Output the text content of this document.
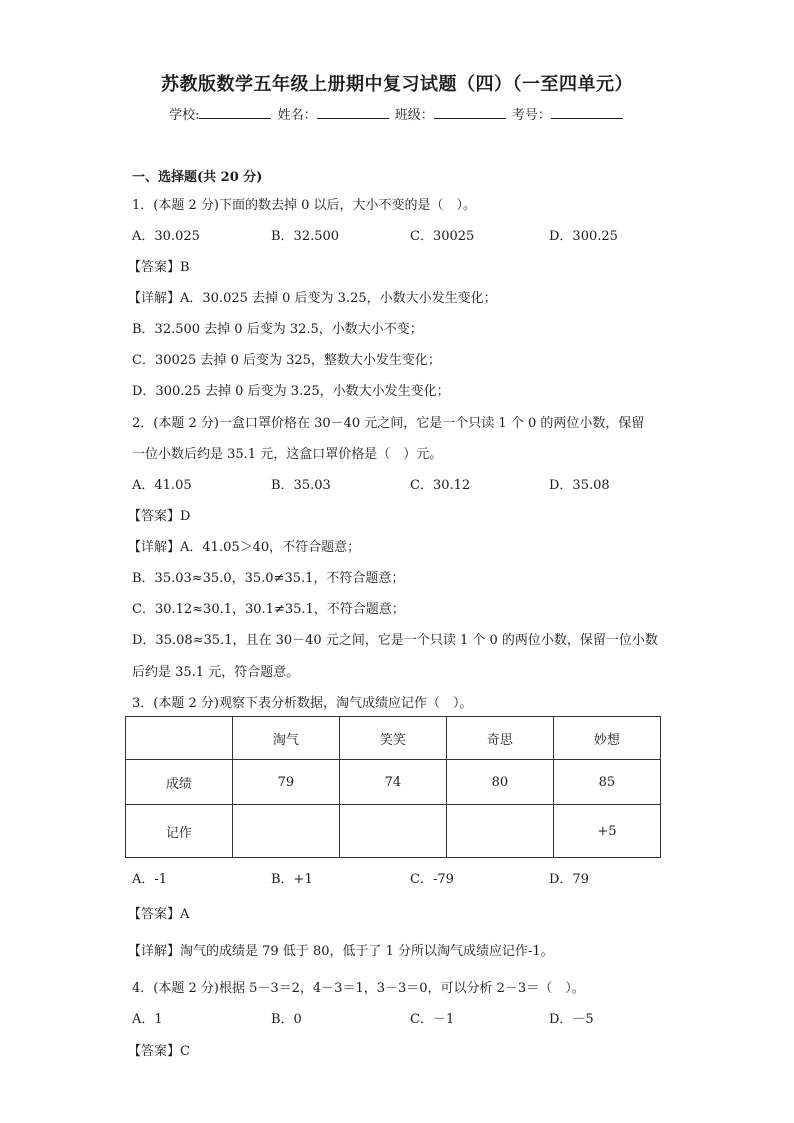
苏教版数学五年级上册期中复习试题（四）（一至四单元）
学校:	姓名：	班级：	考号：
一、选择题(共 20 分)
1．(本题 2 分)下面的数去掉 0 以后，大小不变的是（　）。
A．30.025	B．32.500	C．30025	D．300.25
【答案】B
【详解】A．30.025 去掉 0 后变为 3.25，小数大小发生变化；
B．32.500 去掉 0 后变为 32.5，小数大小不变；
C．30025 去掉 0 后变为 325，整数大小发生变化；
D．300.25 去掉 0 后变为 3.25，小数大小发生变化；
2．(本题 2 分)一盒口罩价格在 30－40 元之间，它是一个只读 1 个 0 的两位小数，保留
一位小数后约是 35.1 元，这盒口罩价格是（　）元。
A．41.05	B．35.03	C．30.12	D．35.08
【答案】D
【详解】A．41.05＞40，不符合题意；
B．35.03≈35.0，35.0≠35.1，不符合题意；
C．30.12≈30.1，30.1≠35.1，不符合题意；
D．35.08≈35.1，且在 30－40 元之间，它是一个只读 1 个 0 的两位小数，保留一位小数
后约是 35.1 元，符合题意。
3．(本题 2 分)观察下表分析数据，淘气成绩应记作（　）。
	淘气	笑笑	奇思	妙想
成绩	79	74	80	85
记作				+5
A．-1	B．+1	C．-79	D．79
【答案】A
【详解】淘气的成绩是 79 低于 80，低于了 1 分所以淘气成绩应记作-1。
4．(本题 2 分)根据 5－3＝2，4－3＝1，3－3＝0，可以分析 2－3＝（　）。
A．1	B．0	C．－1	D．－5
【答案】C
